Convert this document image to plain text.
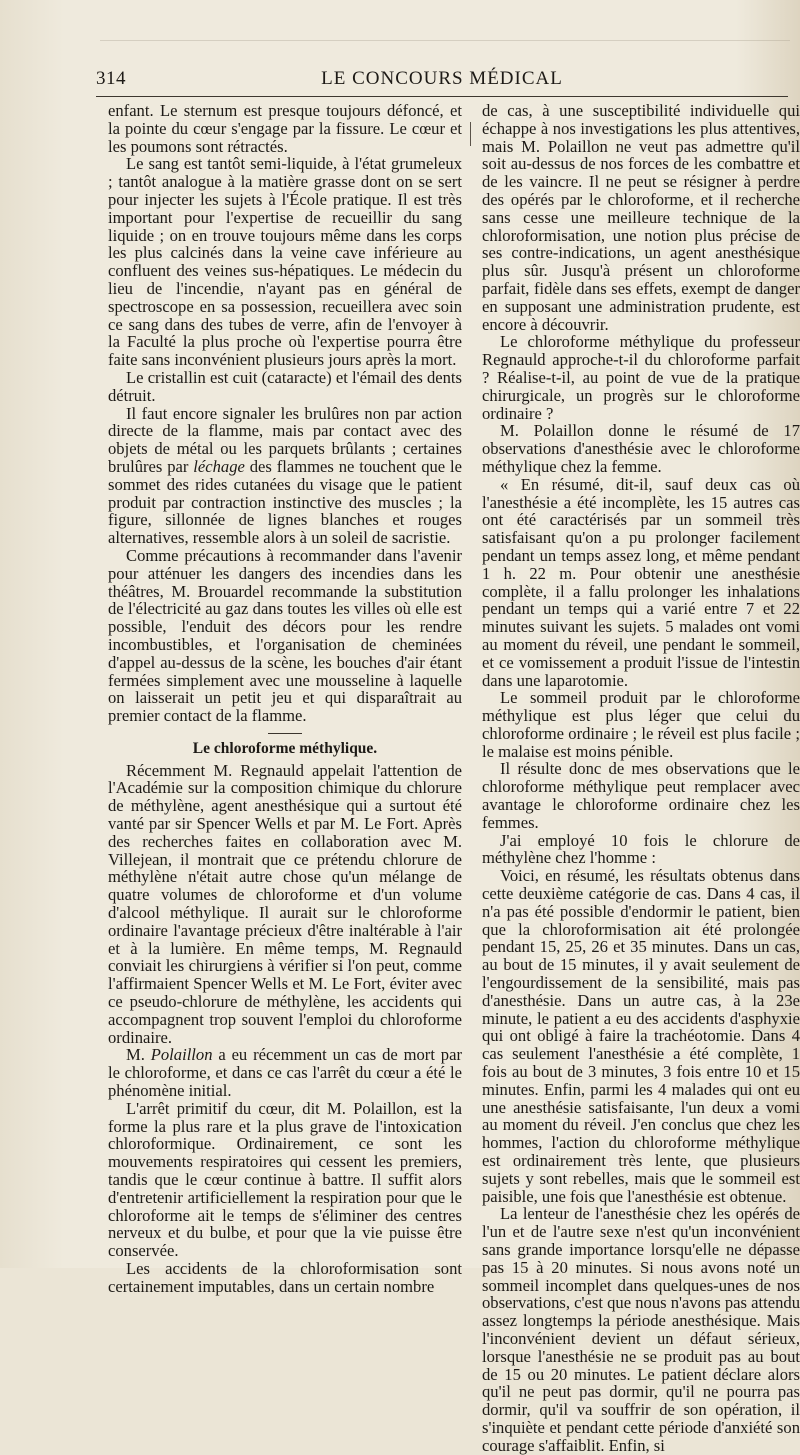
314	LE CONCOURS MÉDICAL

enfant. Le sternum est presque toujours défoncé, et la pointe du cœur s'engage par la fissure. Le cœur et les poumons sont rétractés.

Le sang est tantôt semi-liquide, à l'état grumeleux ; tantôt analogue à la matière grasse dont on se sert pour injecter les sujets à l'École pratique. Il est très important pour l'expertise de recueillir du sang liquide ; on en trouve toujours même dans les corps les plus calcinés dans la veine cave inférieure au confluent des veines sus-hépatiques. Le médecin du lieu de l'incendie, n'ayant pas en général de spectroscope en sa possession, recueillera avec soin ce sang dans des tubes de verre, afin de l'envoyer à la Faculté la plus proche où l'expertise pourra être faite sans inconvénient plusieurs jours après la mort.

Le cristallin est cuit (cataracte) et l'émail des dents détruit.

Il faut encore signaler les brulûres non par action directe de la flamme, mais par contact avec des objets de métal ou les parquets brûlants ; certaines brulûres par léchage des flammes ne touchent que le sommet des rides cutanées du visage que le patient produit par contraction instinctive des muscles ; la figure, sillonnée de lignes blanches et rouges alternatives, ressemble alors à un soleil de sacristie.

Comme précautions à recommander dans l'avenir pour atténuer les dangers des incendies dans les théâtres, M. Brouardel recommande la substitution de l'électricité au gaz dans toutes les villes où elle est possible, l'enduit des décors pour les rendre incombustibles, et l'organisation de cheminées d'appel au-dessus de la scène, les bouches d'air étant fermées simplement avec une mousseline à laquelle on laisserait un petit jeu et qui disparaîtrait au premier contact de la flamme.

Le chloroforme méthylique.

Récemment M. Regnauld appelait l'attention de l'Académie sur la composition chimique du chlorure de méthylène, agent anesthésique qui a surtout été vanté par sir Spencer Wells et par M. Le Fort. Après des recherches faites en collaboration avec M. Villejean, il montrait que ce prétendu chlorure de méthylène n'était autre chose qu'un mélange de quatre volumes de chloroforme et d'un volume d'alcool méthylique. Il aurait sur le chloroforme ordinaire l'avantage précieux d'être inaltérable à l'air et à la lumière. En même temps, M. Regnauld conviait les chirurgiens à vérifier si l'on peut, comme l'affirmaient Spencer Wells et M. Le Fort, éviter avec ce pseudo-chlorure de méthylène, les accidents qui accompagnent trop souvent l'emploi du chloroforme ordinaire.

M. Polaillon a eu récemment un cas de mort par le chloroforme, et dans ce cas l'arrêt du cœur a été le phénomène initial.

L'arrêt primitif du cœur, dit M. Polaillon, est la forme la plus rare et la plus grave de l'intoxication chloroformique. Ordinairement, ce sont les mouvements respiratoires qui cessent les premiers, tandis que le cœur continue à battre. Il suffit alors d'entretenir artificiellement la respiration pour que le chloroforme ait le temps de s'éliminer des centres nerveux et du bulbe, et pour que la vie puisse être conservée.

Les accidents de la chloroformisation sont certainement imputables, dans un certain nombre

de cas, à une susceptibilité individuelle qui échappe à nos investigations les plus attentives, mais M. Polaillon ne veut pas admettre qu'il soit au-dessus de nos forces de les combattre et de les vaincre. Il ne peut se résigner à perdre des opérés par le chloroforme, et il recherche sans cesse une meilleure technique de la chloroformisation, une notion plus précise de ses contre-indications, un agent anesthésique plus sûr. Jusqu'à présent un chloroforme parfait, fidèle dans ses effets, exempt de danger en supposant une administration prudente, est encore à découvrir.

Le chloroforme méthylique du professeur Regnauld approche-t-il du chloroforme parfait ? Réalise-t-il, au point de vue de la pratique chirurgicale, un progrès sur le chloroforme ordinaire ?

M. Polaillon donne le résumé de 17 observations d'anesthésie avec le chloroforme méthylique chez la femme.

« En résumé, dit-il, sauf deux cas où l'anesthésie a été incomplète, les 15 autres cas ont été caractérisés par un sommeil très satisfaisant qu'on a pu prolonger facilement pendant un temps assez long, et même pendant 1 h. 22 m. Pour obtenir une anesthésie complète, il a fallu prolonger les inhalations pendant un temps qui a varié entre 7 et 22 minutes suivant les sujets. 5 malades ont vomi au moment du réveil, une pendant le sommeil, et ce vomissement a produit l'issue de l'intestin dans une laparotomie.

Le sommeil produit par le chloroforme méthylique est plus léger que celui du chloroforme ordinaire ; le réveil est plus facile ; le malaise est moins pénible.

Il résulte donc de mes observations que le chloroforme méthylique peut remplacer avec avantage le chloroforme ordinaire chez les femmes.

J'ai employé 10 fois le chlorure de méthylène chez l'homme :

Voici, en résumé, les résultats obtenus dans cette deuxième catégorie de cas. Dans 4 cas, il n'a pas été possible d'endormir le patient, bien que la chloroformisation ait été prolongée pendant 15, 25, 26 et 35 minutes. Dans un cas, au bout de 15 minutes, il y avait seulement de l'engourdissement de la sensibilité, mais pas d'anesthésie. Dans un autre cas, à la 23e minute, le patient a eu des accidents d'asphyxie qui ont obligé à faire la trachéotomie. Dans 4 cas seulement l'anesthésie a été complète, 1 fois au bout de 3 minutes, 3 fois entre 10 et 15 minutes. Enfin, parmi les 4 malades qui ont eu une anesthésie satisfaisante, l'un deux a vomi au moment du réveil. J'en conclus que chez les hommes, l'action du chloroforme méthylique est ordinairement très lente, que plusieurs sujets y sont rebelles, mais que le sommeil est paisible, une fois que l'anesthésie est obtenue.

La lenteur de l'anesthésie chez les opérés de l'un et de l'autre sexe n'est qu'un inconvénient sans grande importance lorsqu'elle ne dépasse pas 15 à 20 minutes. Si nous avons noté un sommeil incomplet dans quelques-unes de nos observations, c'est que nous n'avons pas attendu assez longtemps la période anesthésique. Mais l'inconvénient devient un défaut sérieux, lorsque l'anesthésie ne se produit pas au bout de 15 ou 20 minutes. Le patient déclare alors qu'il ne peut pas dormir, qu'il ne pourra pas dormir, qu'il va souffrir de son opération, il s'inquiète et pendant cette période d'anxiété son courage s'affaiblit. Enfin, si
